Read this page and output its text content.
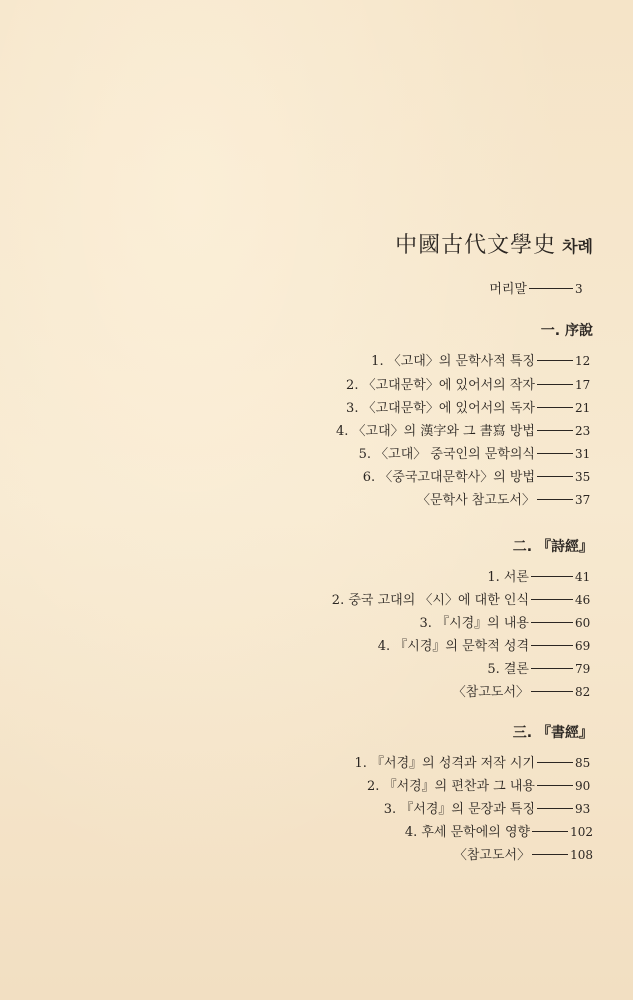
中國古代文學史 차례
머리말	3
一. 序說
1. 〈고대〉의 문학사적 특징	12
2. 〈고대문학〉에 있어서의 작자	17
3. 〈고대문학〉에 있어서의 독자	21
4. 〈고대〉의 漢字와 그 書寫 방법	23
5. 〈고대〉 중국인의 문학의식	31
6. 〈중국고대문학사〉의 방법	35
〈문학사 참고도서〉	37
二. 『詩經』
1. 서론	41
2. 중국 고대의 〈시〉에 대한 인식	46
3. 『시경』의 내용	60
4. 『시경』의 문학적 성격	69
5. 결론	79
〈참고도서〉	82
三. 『書經』
1. 『서경』의 성격과 저작 시기	85
2. 『서경』의 편찬과 그 내용	90
3. 『서경』의 문장과 특징	93
4. 후세 문학에의 영향	102
〈참고도서〉	108
